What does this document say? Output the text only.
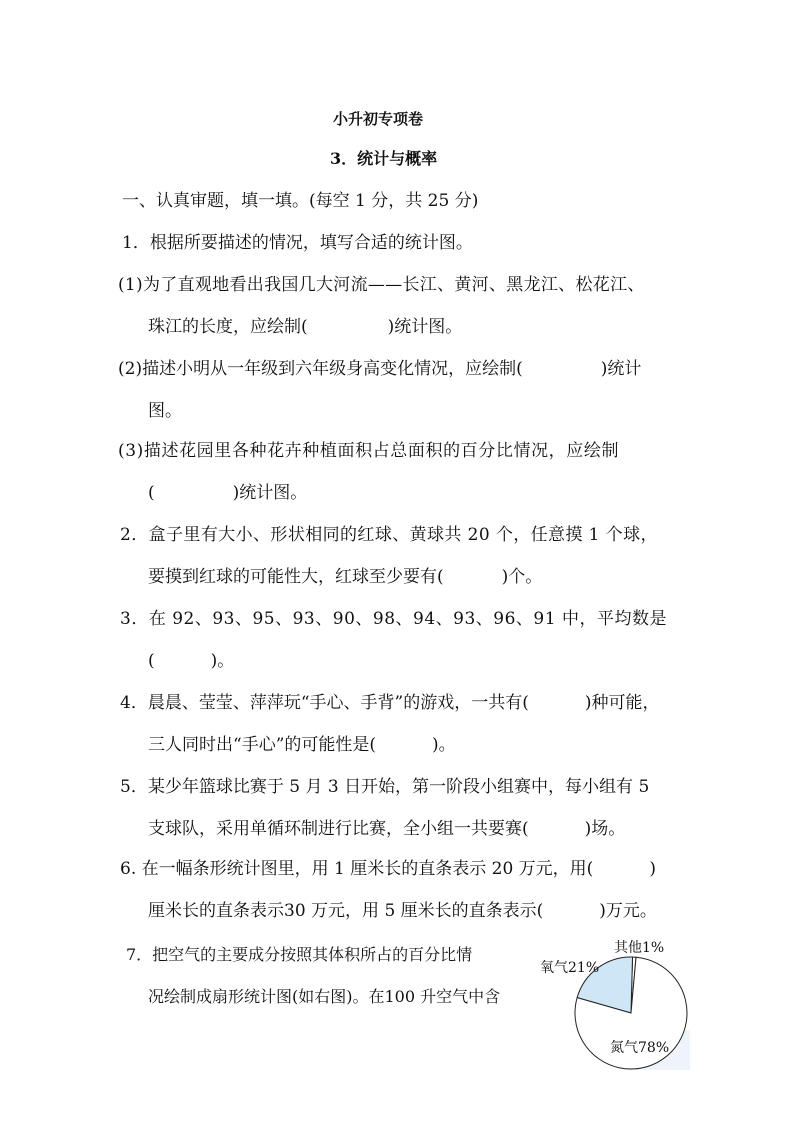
小升初专项卷
3．统计与概率
一、认真审题，填一填。(每空 1 分，共 25 分)
1．根据所要描述的情况，填写合适的统计图。
(1)为了直观地看出我国几大河流——长江、黄河、黑龙江、松花江、
珠江的长度，应绘制(	)统计图。
(2)描述小明从一年级到六年级身高变化情况，应绘制(	)统计
图。
(3)描述花园里各种花卉种植面积占总面积的百分比情况，应绘制
(	)统计图。
2．盒子里有大小、形状相同的红球、黄球共 20 个，任意摸 1 个球，
要摸到红球的可能性大，红球至少要有(	)个。
3．在 92、93、95、93、90、98、94、93、96、91 中，平均数是
(	)。
4．晨晨、莹莹、萍萍玩“手心、手背”的游戏，一共有(	)种可能，
三人同时出“手心”的可能性是(	)。
5．某少年篮球比赛于 5 月 3 日开始，第一阶段小组赛中，每小组有 5
支球队，采用单循环制进行比赛，全小组一共要赛(	)场。
6. 在一幅条形统计图里，用 1 厘米长的直条表示 20 万元，用(	)
厘米长的直条表示30 万元，用 5 厘米长的直条表示(	)万元。
7．把空气的主要成分按照其体积所占的百分比情
况绘制成扇形统计图(如右图)。在100 升空气中含
其他1%
氧气21%
氮气78%
